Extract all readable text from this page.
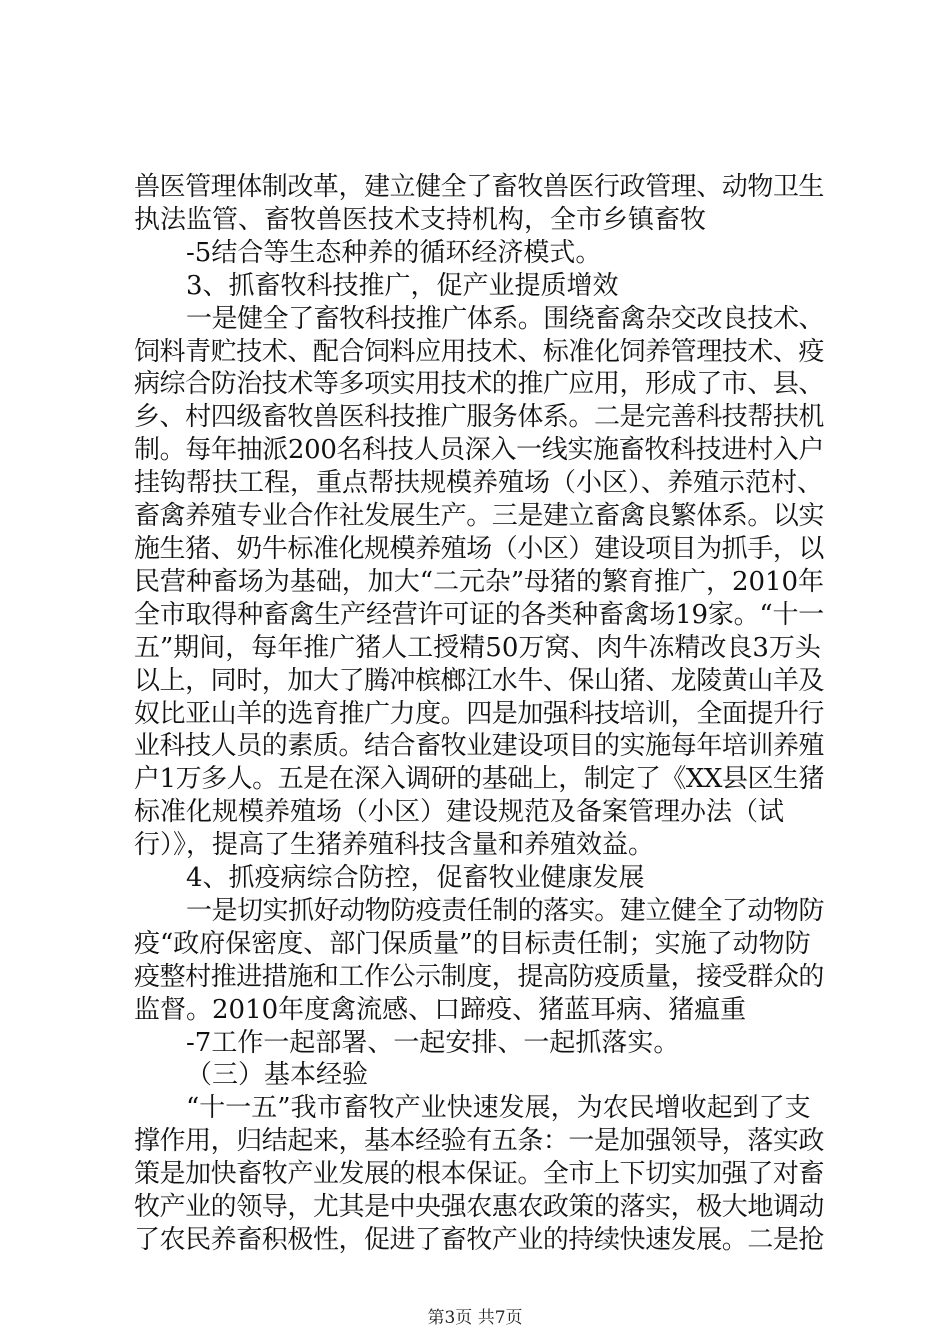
兽医管理体制改革，建立健全了畜牧兽医行政管理、动物卫生
执法监管、畜牧兽医技术支持机构，全市乡镇畜牧
-5结合等生态种养的循环经济模式。
3、抓畜牧科技推广，促产业提质增效
一是健全了畜牧科技推广体系。围绕畜禽杂交改良技术、
饲料青贮技术、配合饲料应用技术、标准化饲养管理技术、疫
病综合防治技术等多项实用技术的推广应用，形成了市、县、
乡、村四级畜牧兽医科技推广服务体系。二是完善科技帮扶机
制。每年抽派200名科技人员深入一线实施畜牧科技进村入户
挂钩帮扶工程，重点帮扶规模养殖场（小区）、养殖示范村、
畜禽养殖专业合作社发展生产。三是建立畜禽良繁体系。以实
施生猪、奶牛标准化规模养殖场（小区）建设项目为抓手，以
民营种畜场为基础，加大“二元杂”母猪的繁育推广，2010年
全市取得种畜禽生产经营许可证的各类种畜禽场19家。“十一
五”期间，每年推广猪人工授精50万窝、肉牛冻精改良3万头
以上，同时，加大了腾冲槟榔江水牛、保山猪、龙陵黄山羊及
奴比亚山羊的选育推广力度。四是加强科技培训，全面提升行
业科技人员的素质。结合畜牧业建设项目的实施每年培训养殖
户1万多人。五是在深入调研的基础上，制定了《XX县区生猪
标准化规模养殖场（小区）建设规范及备案管理办法（试
行）》，提高了生猪养殖科技含量和养殖效益。
4、抓疫病综合防控，促畜牧业健康发展
一是切实抓好动物防疫责任制的落实。建立健全了动物防
疫“政府保密度、部门保质量”的目标责任制；实施了动物防
疫整村推进措施和工作公示制度，提高防疫质量，接受群众的
监督。2010年度禽流感、口蹄疫、猪蓝耳病、猪瘟重
-7工作一起部署、一起安排、一起抓落实。
（三）基本经验
“十一五”我市畜牧产业快速发展，为农民增收起到了支
撑作用，归结起来，基本经验有五条：一是加强领导，落实政
策是加快畜牧产业发展的根本保证。全市上下切实加强了对畜
牧产业的领导，尤其是中央强农惠农政策的落实，极大地调动
了农民养畜积极性，促进了畜牧产业的持续快速发展。二是抢
第3页 共7页
